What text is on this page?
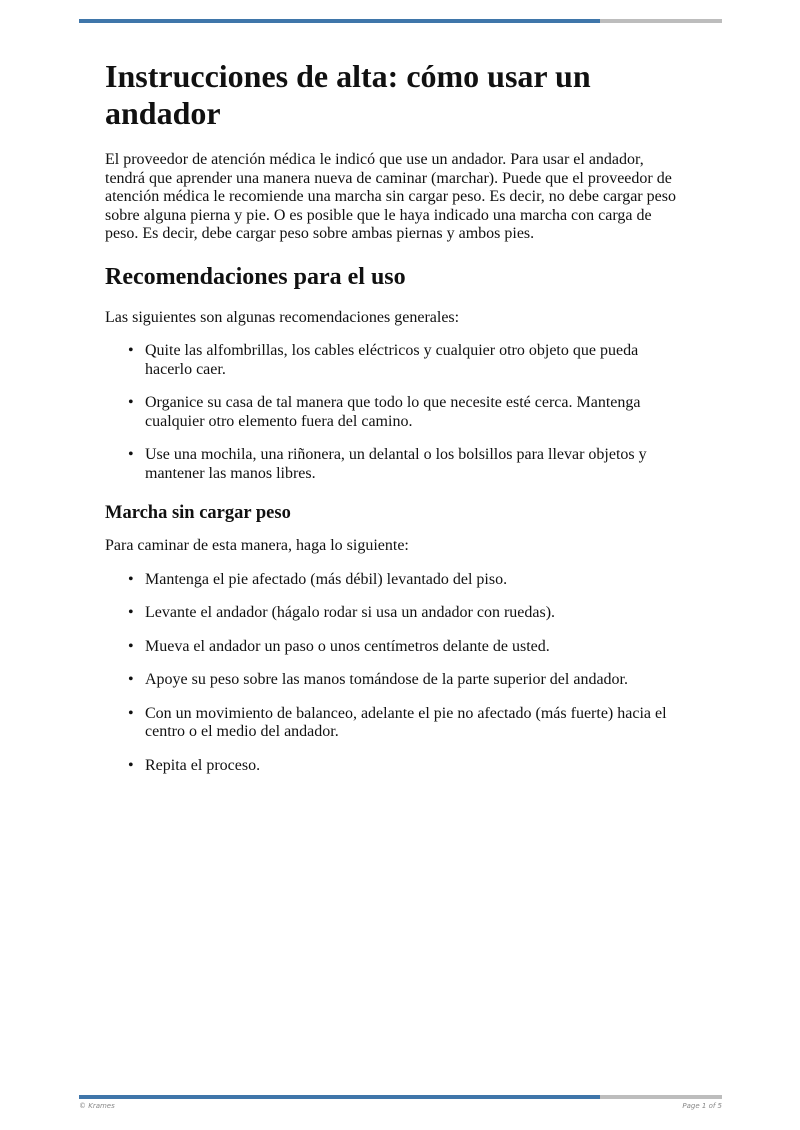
Instrucciones de alta: cómo usar un andador

El proveedor de atención médica le indicó que use un andador. Para usar el andador, tendrá que aprender una manera nueva de caminar (marchar). Puede que el proveedor de atención médica le recomiende una marcha sin cargar peso. Es decir, no debe cargar peso sobre alguna pierna y pie. O es posible que le haya indicado una marcha con carga de peso. Es decir, debe cargar peso sobre ambas piernas y ambos pies.

Recomendaciones para el uso

Las siguientes son algunas recomendaciones generales:

• Quite las alfombrillas, los cables eléctricos y cualquier otro objeto que pueda hacerlo caer.
• Organice su casa de tal manera que todo lo que necesite esté cerca. Mantenga cualquier otro elemento fuera del camino.
• Use una mochila, una riñonera, un delantal o los bolsillos para llevar objetos y mantener las manos libres.
Marcha sin cargar peso

Para caminar de esta manera, haga lo siguiente:

• Mantenga el pie afectado (más débil) levantado del piso.
• Levante el andador (hágalo rodar si usa un andador con ruedas).
• Mueva el andador un paso o unos centímetros delante de usted.
• Apoye su peso sobre las manos tomándose de la parte superior del andador.
• Con un movimiento de balanceo, adelante el pie no afectado (más fuerte) hacia el centro o el medio del andador.
• Repita el proceso.
© Krames	Page 1 of 5
